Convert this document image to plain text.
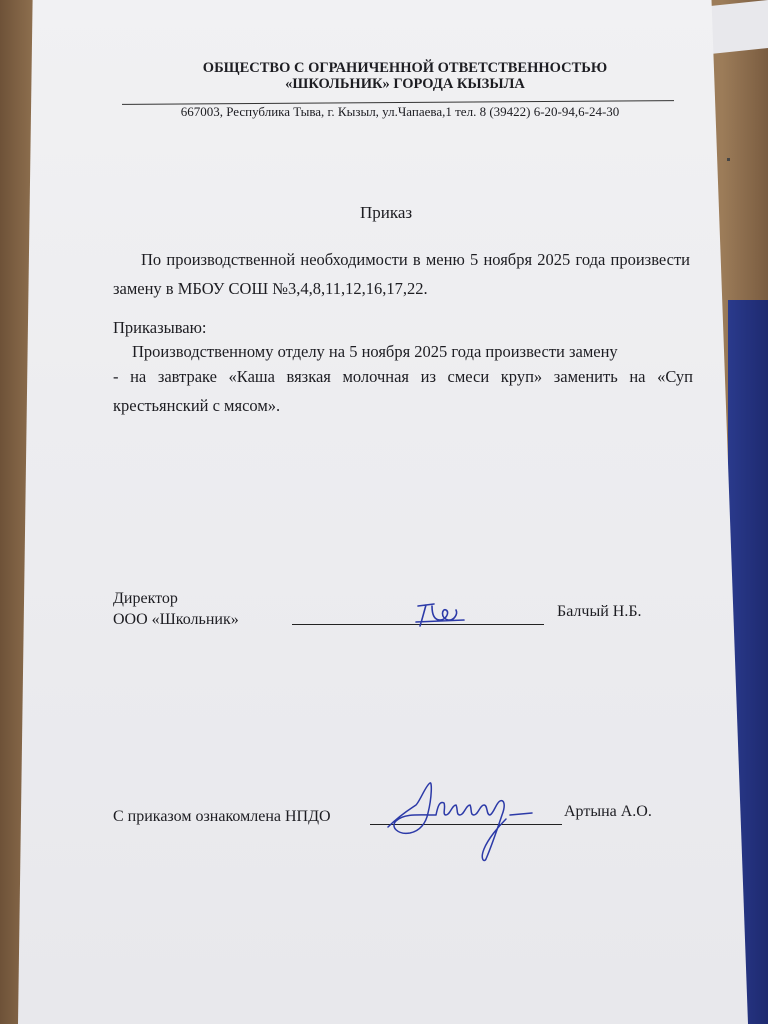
ОБЩЕСТВО С ОГРАНИЧЕННОЙ ОТВЕТСТВЕННОСТЬЮ
«ШКОЛЬНИК» ГОРОДА КЫЗЫЛА
667003, Республика Тыва, г. Кызыл, ул.Чапаева,1 тел. 8 (39422) 6-20-94,6-24-30
Приказ
По производственной необходимости в меню 5 ноября 2025 года произвести замену в МБОУ СОШ №3,4,8,11,12,16,17,22.
Приказываю:
Производственному отделу на 5 ноября 2025 года произвести замену
- на завтраке «Каша вязкая молочная из смеси круп» заменить на «Суп крестьянский с мясом».
Директор
ООО «Школьник»	Балчый Н.Б.
С приказом ознакомлена НПДО	Артына А.О.
